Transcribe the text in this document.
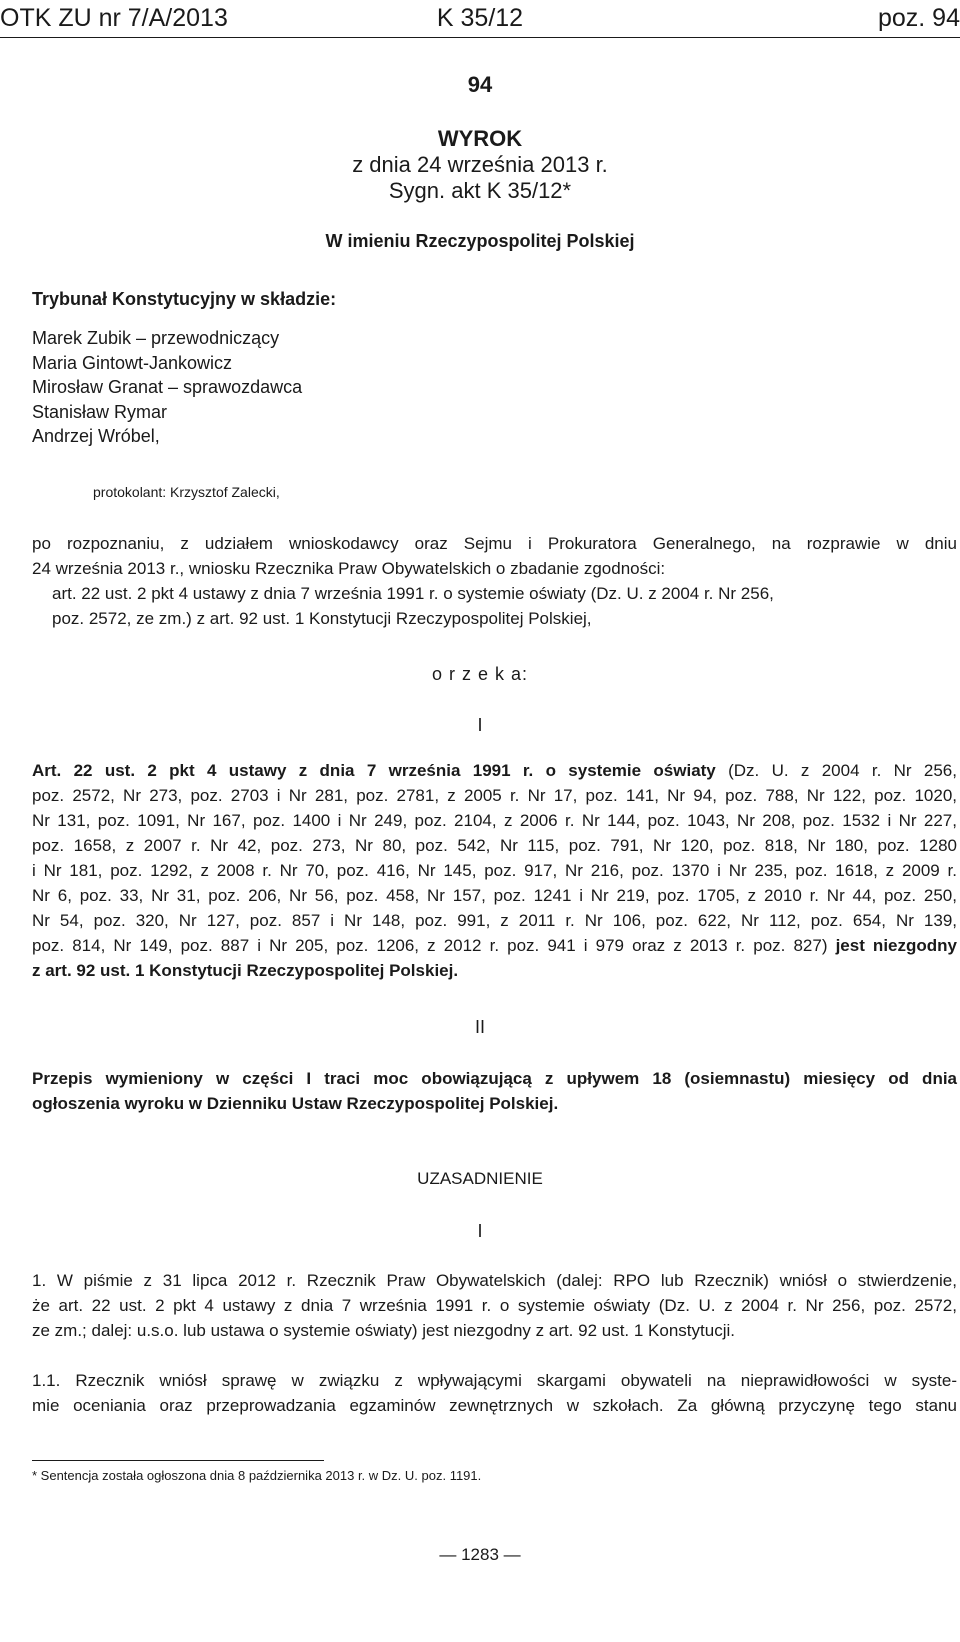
OTK ZU nr 7/A/2013	K 35/12	poz. 94
94
WYROK
z dnia 24 września 2013 r.
Sygn. akt K 35/12*
W imieniu Rzeczypospolitej Polskiej
Trybunał Konstytucyjny w składzie:
Marek Zubik – przewodniczący
Maria Gintowt-Jankowicz
Mirosław Granat – sprawozdawca
Stanisław Rymar
Andrzej Wróbel,
protokolant: Krzysztof Zalecki,
po rozpoznaniu, z udziałem wnioskodawcy oraz Sejmu i Prokuratora Generalnego, na rozprawie w dniu
24 września 2013 r., wniosku Rzecznika Praw Obywatelskich o zbadanie zgodności:
art. 22 ust. 2 pkt 4 ustawy z dnia 7 września 1991 r. o systemie oświaty (Dz. U. z 2004 r. Nr 256,
poz. 2572, ze zm.) z art. 92 ust. 1 Konstytucji Rzeczypospolitej Polskiej,
o r z e k a:
I
Art. 22 ust. 2 pkt 4 ustawy z dnia 7 września 1991 r. o systemie oświaty (Dz. U. z 2004 r. Nr 256,
poz. 2572, Nr 273, poz. 2703 i Nr 281, poz. 2781, z 2005 r. Nr 17, poz. 141, Nr 94, poz. 788, Nr 122, poz. 1020,
Nr 131, poz. 1091, Nr 167, poz. 1400 i Nr 249, poz. 2104, z 2006 r. Nr 144, poz. 1043, Nr 208, poz. 1532 i Nr 227,
poz. 1658, z 2007 r. Nr 42, poz. 273, Nr 80, poz. 542, Nr 115, poz. 791, Nr 120, poz. 818, Nr 180, poz. 1280
i Nr 181, poz. 1292, z 2008 r. Nr 70, poz. 416, Nr 145, poz. 917, Nr 216, poz. 1370 i Nr 235, poz. 1618, z 2009 r.
Nr 6, poz. 33, Nr 31, poz. 206, Nr 56, poz. 458, Nr 157, poz. 1241 i Nr 219, poz. 1705, z 2010 r. Nr 44, poz. 250,
Nr 54, poz. 320, Nr 127, poz. 857 i Nr 148, poz. 991, z 2011 r. Nr 106, poz. 622, Nr 112, poz. 654, Nr 139,
poz. 814, Nr 149, poz. 887 i Nr 205, poz. 1206, z 2012 r. poz. 941 i 979 oraz z 2013 r. poz. 827) jest niezgodny
z art. 92 ust. 1 Konstytucji Rzeczypospolitej Polskiej.
II
Przepis wymieniony w części I traci moc obowiązującą z upływem 18 (osiemnastu) miesięcy od dnia
ogłoszenia wyroku w Dzienniku Ustaw Rzeczypospolitej Polskiej.
UZASADNIENIE
I
1. W piśmie z 31 lipca 2012 r. Rzecznik Praw Obywatelskich (dalej: RPO lub Rzecznik) wniósł o stwierdzenie,
że art. 22 ust. 2 pkt 4 ustawy z dnia 7 września 1991 r. o systemie oświaty (Dz. U. z 2004 r. Nr 256, poz. 2572,
ze zm.; dalej: u.s.o. lub ustawa o systemie oświaty) jest niezgodny z art. 92 ust. 1 Konstytucji.
1.1. Rzecznik wniósł sprawę w związku z wpływającymi skargami obywateli na nieprawidłowości w syste-
mie oceniania oraz przeprowadzania egzaminów zewnętrznych w szkołach. Za główną przyczynę tego stanu
* Sentencja została ogłoszona dnia 8 października 2013 r. w Dz. U. poz. 1191.
— 1283 —
